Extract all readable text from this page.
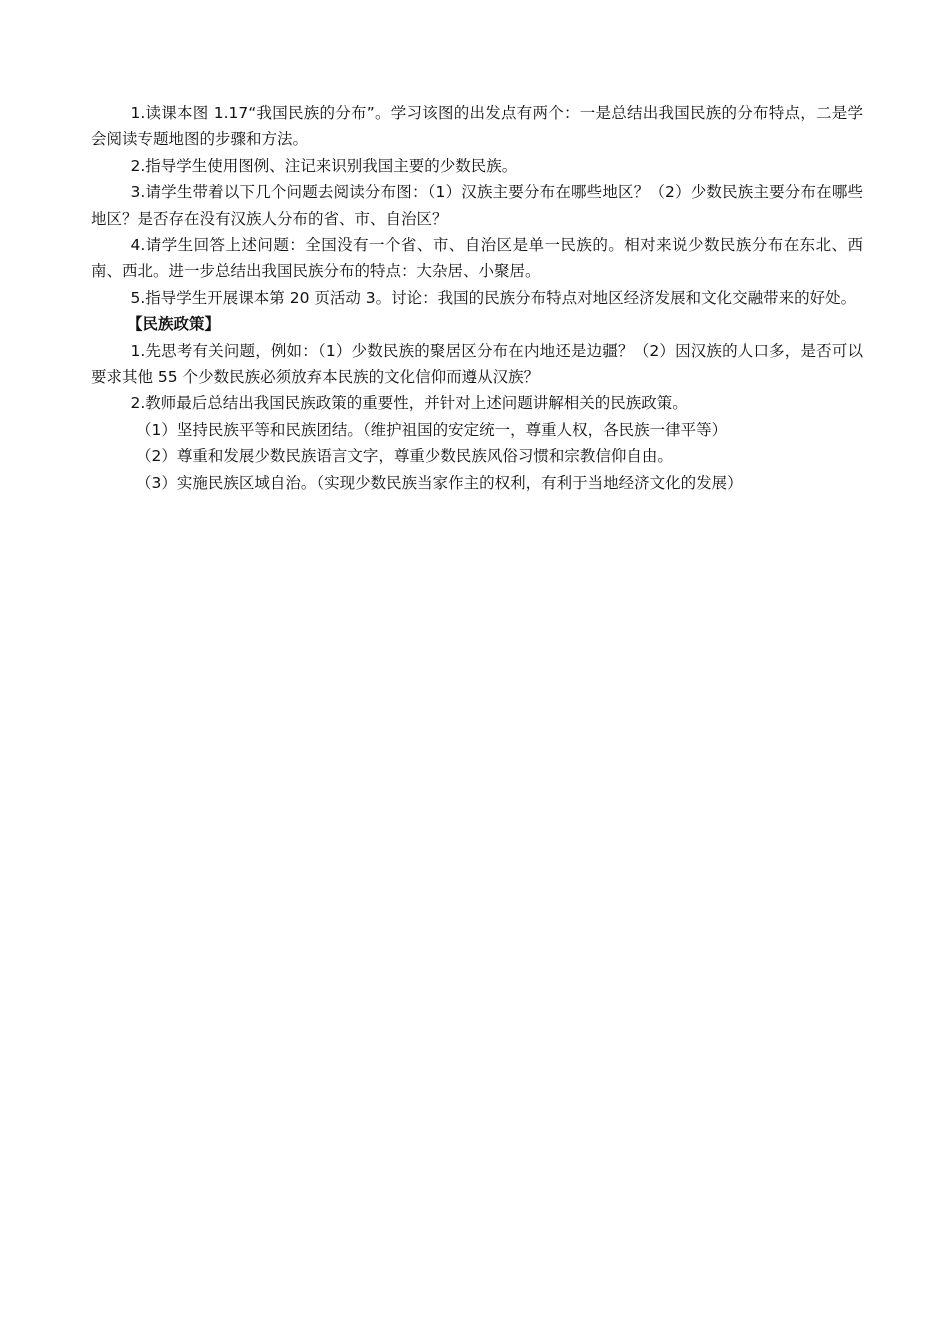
1.读课本图 1.17“我国民族的分布”。学习该图的出发点有两个：一是总结出我国民族的分布特点，二是学会阅读专题地图的步骤和方法。

2.指导学生使用图例、注记来识别我国主要的少数民族。

3.请学生带着以下几个问题去阅读分布图：（1）汉族主要分布在哪些地区？（2）少数民族主要分布在哪些地区？是否存在没有汉族人分布的省、市、自治区？

4.请学生回答上述问题：全国没有一个省、市、自治区是单一民族的。相对来说少数民族分布在东北、西南、西北。进一步总结出我国民族分布的特点：大杂居、小聚居。

5.指导学生开展课本第 20 页活动 3。讨论：我国的民族分布特点对地区经济发展和文化交融带来的好处。

【民族政策】

1.先思考有关问题，例如：（1）少数民族的聚居区分布在内地还是边疆？（2）因汉族的人口多，是否可以要求其他 55 个少数民族必须放弃本民族的文化信仰而遵从汉族？

2.教师最后总结出我国民族政策的重要性，并针对上述问题讲解相关的民族政策。

（1）坚持民族平等和民族团结。（维护祖国的安定统一，尊重人权，各民族一律平等）

（2）尊重和发展少数民族语言文字，尊重少数民族风俗习惯和宗教信仰自由。

（3）实施民族区域自治。（实现少数民族当家作主的权利，有利于当地经济文化的发展）
